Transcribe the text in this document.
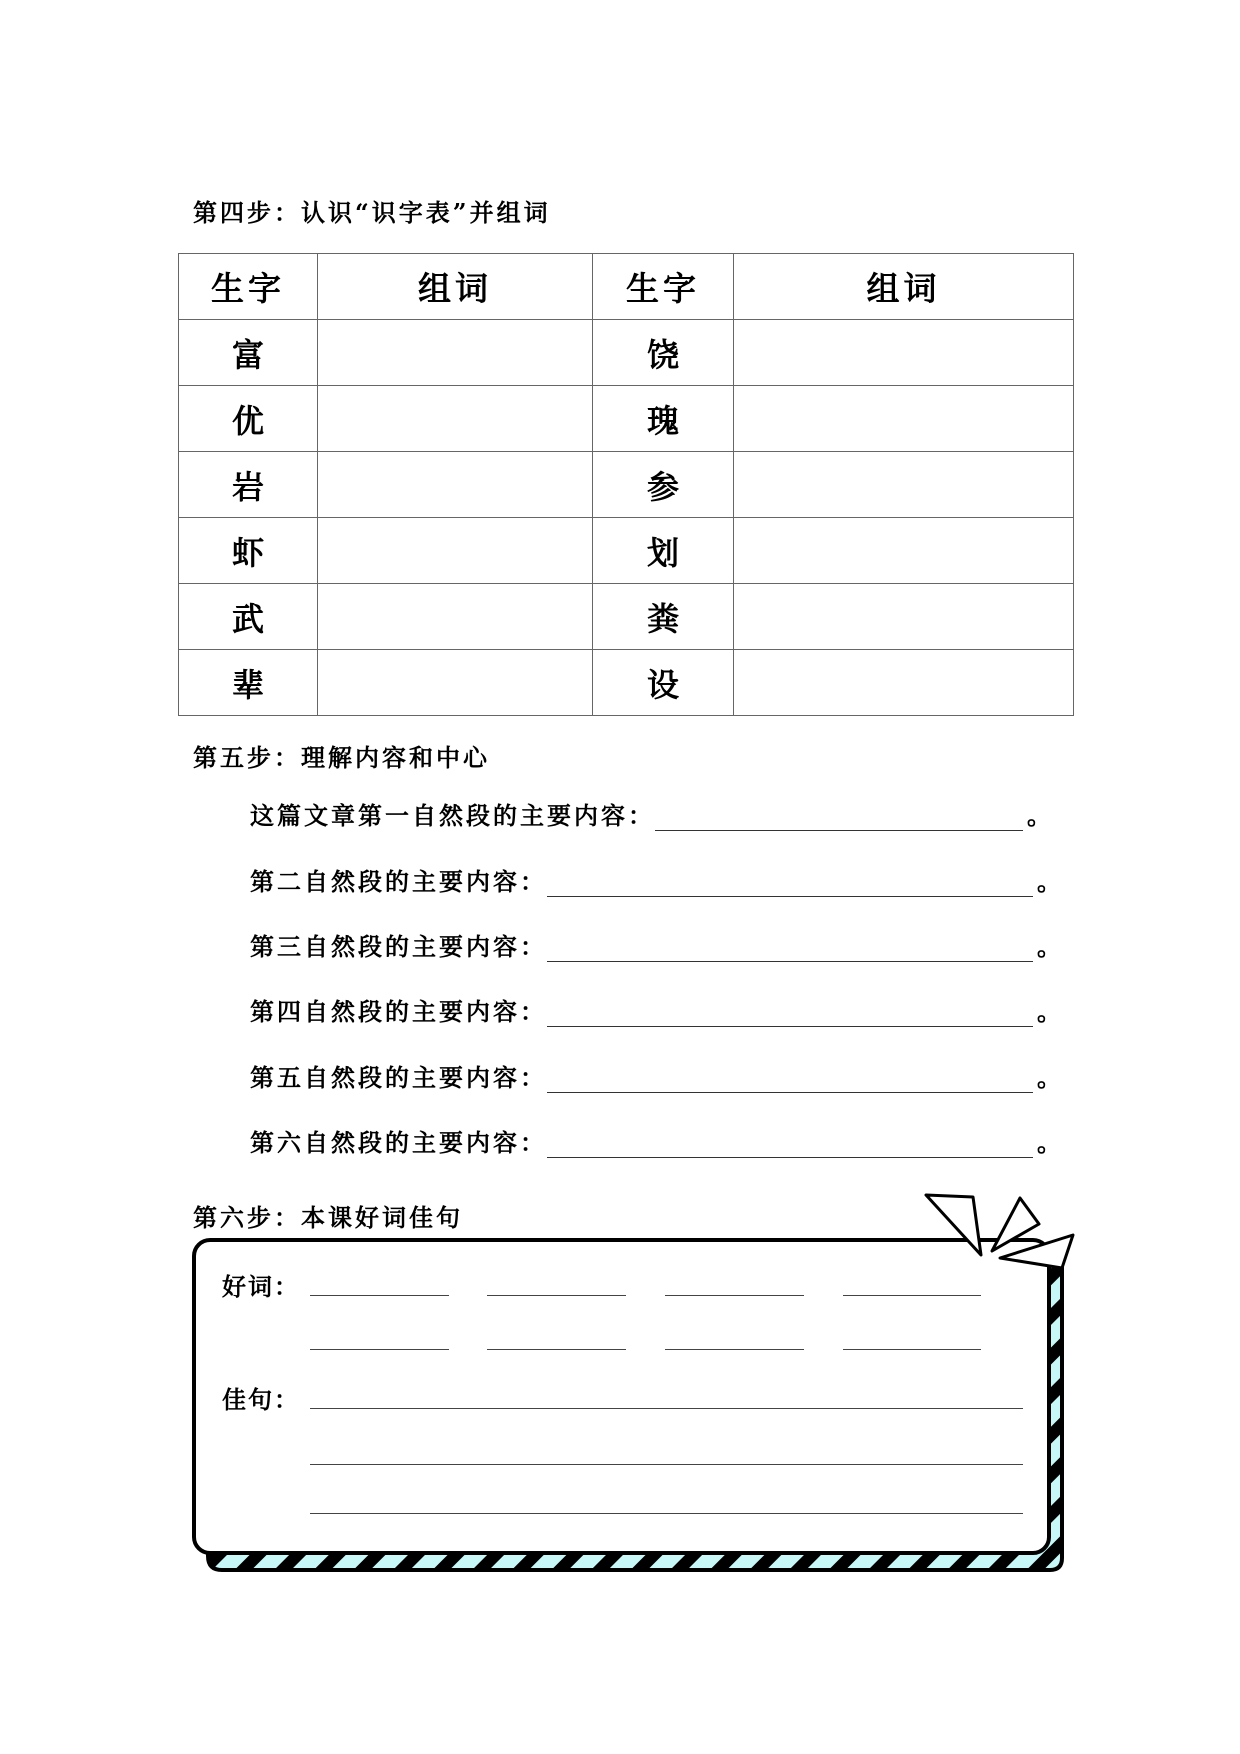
第四步：认识“识字表”并组词
生字	组词	生字	组词
富		饶	
优		瑰	
岩		参	
虾		划	
武		粪	
辈		设	
第五步：理解内容和中心
这篇文章第一自然段的主要内容：	。
第二自然段的主要内容：	。
第三自然段的主要内容：	。
第四自然段的主要内容：	。
第五自然段的主要内容：	。
第六自然段的主要内容：	。
第六步：本课好词佳句
好词：
佳句：
